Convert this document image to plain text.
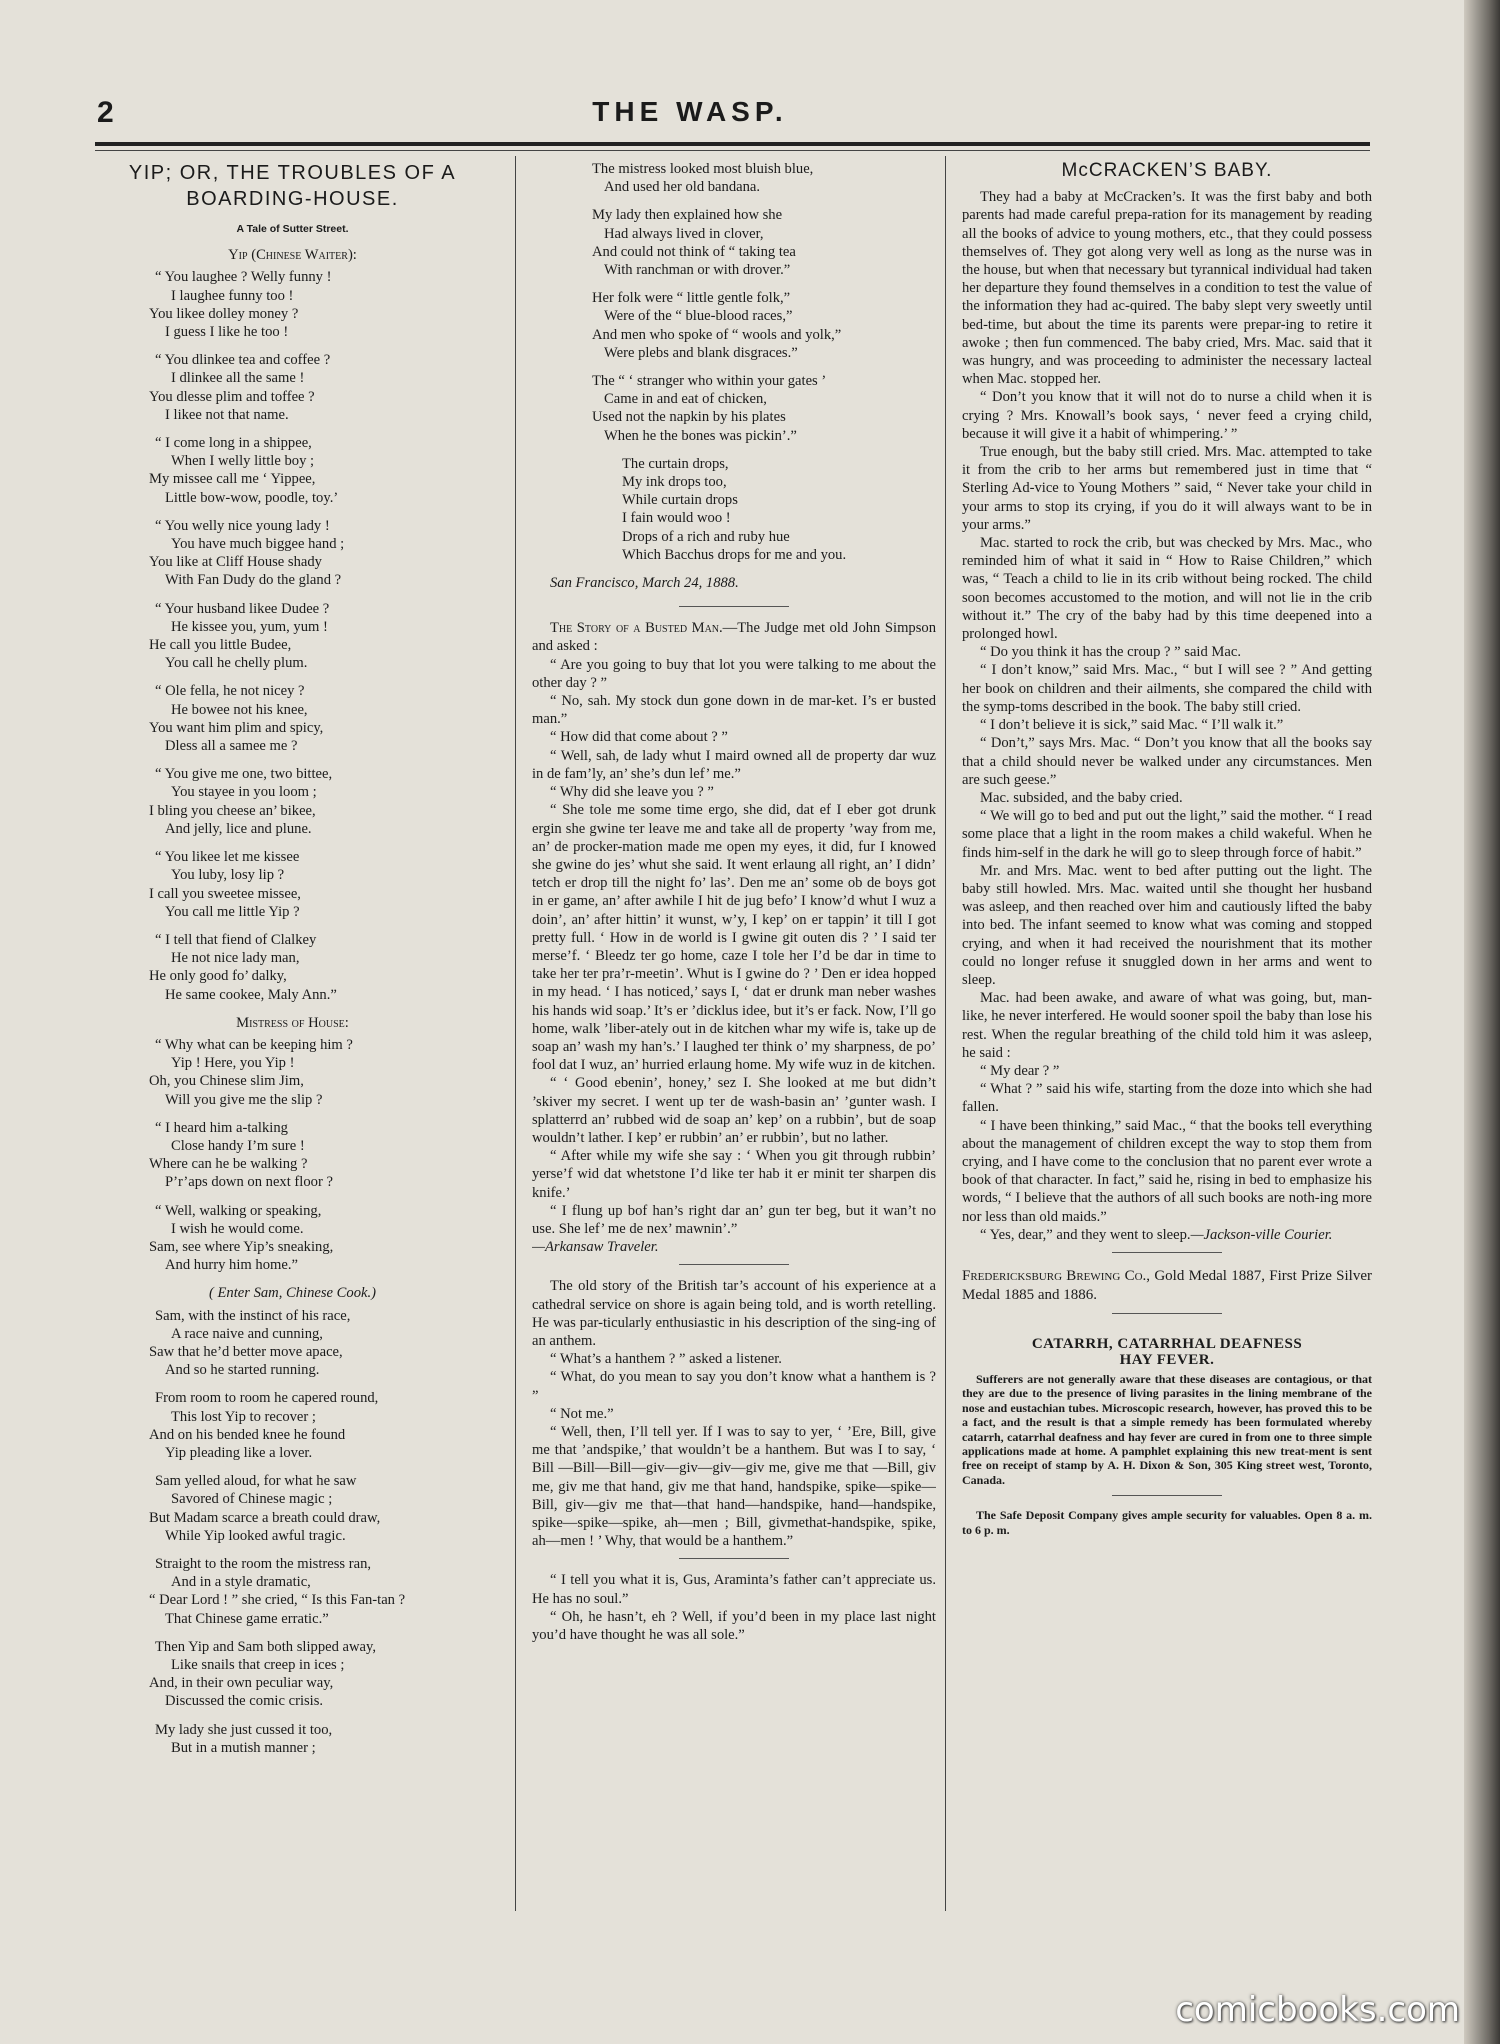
2	THE WASP.
YIP; OR, THE TROUBLES OF A BOARDING-HOUSE.
A Tale of Sutter Street.
Yip (Chinese Waiter):
“ You laughee ? Welly funny !
I laughee funny too !
You likee dolley money ?
I guess I like he too !
“ You dlinkee tea and coffee ?
I dlinkee all the same !
You dlesse plim and toffee ?
I likee not that name.
“ I come long in a shippee,
When I welly little boy ;
My missee call me ‘ Yippee,
Little bow-wow, poodle, toy.’
“ You welly nice young lady !
You have much biggee hand ;
You like at Cliff House shady
With Fan Dudy do the gland ?
“ Your husband likee Dudee ?
He kissee you, yum, yum !
He call you little Budee,
You call he chelly plum.
“ Ole fella, he not nicey ?
He bowee not his knee,
You want him plim and spicy,
Dless all a samee me ?
“ You give me one, two bittee,
You stayee in you loom ;
I bling you cheese an’ bikee,
And jelly, lice and plune.
“ You likee let me kissee
You luby, losy lip ?
I call you sweetee missee,
You call me little Yip ?
“ I tell that fiend of Clalkey
He not nice lady man,
He only good fo’ dalky,
He same cookee, Maly Ann.”
Mistress of House:
“ Why what can be keeping him ?
Yip ! Here, you Yip !
Oh, you Chinese slim Jim,
Will you give me the slip ?
“ I heard him a-talking
Close handy I’m sure !
Where can he be walking ?
P’r’aps down on next floor ?
“ Well, walking or speaking,
I wish he would come.
Sam, see where Yip’s sneaking,
And hurry him home.”
( Enter Sam, Chinese Cook.)
Sam, with the instinct of his race,
A race naive and cunning,
Saw that he’d better move apace,
And so he started running.
From room to room he capered round,
This lost Yip to recover ;
And on his bended knee he found
Yip pleading like a lover.
Sam yelled aloud, for what he saw
Savored of Chinese magic ;
But Madam scarce a breath could draw,
While Yip looked awful tragic.
Straight to the room the mistress ran,
And in a style dramatic,
“ Dear Lord ! ” she cried, “ Is this Fan-tan ?
That Chinese game erratic.”
Then Yip and Sam both slipped away,
Like snails that creep in ices ;
And, in their own peculiar way,
Discussed the comic crisis.
My lady she just cussed it too,
But in a mutish manner ;
The mistress looked most bluish blue,
And used her old bandana.
My lady then explained how she
Had always lived in clover,
And could not think of “ taking tea
With ranchman or with drover.”
Her folk were “ little gentle folk,”
Were of the “ blue-blood races,”
And men who spoke of “ wools and yolk,”
Were plebs and blank disgraces.”
The “ ‘ stranger who within your gates ’
Came in and eat of chicken,
Used not the napkin by his plates
When he the bones was pickin’.”
The curtain drops,
My ink drops too,
While curtain drops
I fain would woo !
Drops of a rich and ruby hue
Which Bacchus drops for me and you.
San Francisco, March 24, 1888.

The Story of a Busted Man.—The Judge met old John Simpson and asked :

“ Are you going to buy that lot you were talking to me about the other day ? ”

“ No, sah. My stock dun gone down in de mar-ket. I’s er busted man.”

“ How did that come about ? ”

“ Well, sah, de lady whut I maird owned all de property dar wuz in de fam’ly, an’ she’s dun lef’ me.”

“ Why did she leave you ? ”

“ She tole me some time ergo, she did, dat ef I eber got drunk ergin she gwine ter leave me and take all de property ’way from me, an’ de procker-mation made me open my eyes, it did, fur I knowed she gwine do jes’ whut she said. It went erlaung all right, an’ I didn’ tetch er drop till the night fo’ las’. Den me an’ some ob de boys got in er game, an’ after awhile I hit de jug befo’ I know’d whut I wuz a doin’, an’ after hittin’ it wunst, w’y, I kep’ on er tappin’ it till I got pretty full. ‘ How in de world is I gwine git outen dis ? ’ I said ter merse’f. ‘ Bleedz ter go home, caze I tole her I’d be dar in time to take her ter pra’r-meetin’. Whut is I gwine do ? ’ Den er idea hopped in my head. ‘ I has noticed,’ says I, ‘ dat er drunk man neber washes his hands wid soap.’ It’s er ’dicklus idee, but it’s er fack. Now, I’ll go home, walk ’liber-ately out in de kitchen whar my wife is, take up de soap an’ wash my han’s.’ I laughed ter think o’ my sharpness, de po’ fool dat I wuz, an’ hurried erlaung home. My wife wuz in de kitchen.

“ ‘ Good ebenin’, honey,’ sez I. She looked at me but didn’t ’skiver my secret. I went up ter de wash-basin an’ ’gunter wash. I splatterrd an’ rubbed wid de soap an’ kep’ on a rubbin’, but de soap wouldn’t lather. I kep’ er rubbin’ an’ er rubbin’, but no lather.

“ After while my wife she say : ‘ When you git through rubbin’ yerse’f wid dat whetstone I’d like ter hab it er minit ter sharpen dis knife.’

“ I flung up bof han’s right dar an’ gun ter beg, but it wan’t no use. She lef’ me de nex’ mawnin’.”

—Arkansaw Traveler.

The old story of the British tar’s account of his experience at a cathedral service on shore is again being told, and is worth retelling. He was par-ticularly enthusiastic in his description of the sing-ing of an anthem.

“ What’s a hanthem ? ” asked a listener.

“ What, do you mean to say you don’t know what a hanthem is ? ”

“ Not me.”

“ Well, then, I’ll tell yer. If I was to say to yer, ‘ ’Ere, Bill, give me that ’andspike,’ that wouldn’t be a hanthem. But was I to say, ‘ Bill —Bill—Bill—giv—giv—giv—giv me, give me that —Bill, giv me, giv me that hand, giv me that hand, handspike, spike—spike—Bill, giv—giv me that—that hand—handspike, hand—handspike, spike—spike—spike, ah—men ; Bill, givmethat-handspike, spike, ah—men ! ’ Why, that would be a hanthem.”

“ I tell you what it is, Gus, Araminta’s father can’t appreciate us. He has no soul.”

“ Oh, he hasn’t, eh ? Well, if you’d been in my place last night you’d have thought he was all sole.”

McCRACKEN’S BABY.

They had a baby at McCracken’s. It was the first baby and both parents had made careful prepa-ration for its management by reading all the books of advice to young mothers, etc., that they could possess themselves of. They got along very well as long as the nurse was in the house, but when that necessary but tyrannical individual had taken her departure they found themselves in a condition to test the value of the information they had ac-quired. The baby slept very sweetly until bed-time, but about the time its parents were prepar-ing to retire it awoke ; then fun commenced. The baby cried, Mrs. Mac. said that it was hungry, and was proceeding to administer the necessary lacteal when Mac. stopped her.

“ Don’t you know that it will not do to nurse a child when it is crying ? Mrs. Knowall’s book says, ‘ never feed a crying child, because it will give it a habit of whimpering.’ ”

True enough, but the baby still cried. Mrs. Mac. attempted to take it from the crib to her arms but remembered just in time that “ Sterling Ad-vice to Young Mothers ” said, “ Never take your child in your arms to stop its crying, if you do it will always want to be in your arms.”

Mac. started to rock the crib, but was checked by Mrs. Mac., who reminded him of what it said in “ How to Raise Children,” which was, “ Teach a child to lie in its crib without being rocked. The child soon becomes accustomed to the motion, and will not lie in the crib without it.” The cry of the baby had by this time deepened into a prolonged howl.

“ Do you think it has the croup ? ” said Mac.

“ I don’t know,” said Mrs. Mac., “ but I will see ? ” And getting her book on children and their ailments, she compared the child with the symp-toms described in the book. The baby still cried.

“ I don’t believe it is sick,” said Mac. “ I’ll walk it.”

“ Don’t,” says Mrs. Mac. “ Don’t you know that all the books say that a child should never be walked under any circumstances. Men are such geese.”

Mac. subsided, and the baby cried.

“ We will go to bed and put out the light,” said the mother. “ I read some place that a light in the room makes a child wakeful. When he finds him-self in the dark he will go to sleep through force of habit.”

Mr. and Mrs. Mac. went to bed after putting out the light. The baby still howled. Mrs. Mac. waited until she thought her husband was asleep, and then reached over him and cautiously lifted the baby into bed. The infant seemed to know what was coming and stopped crying, and when it had received the nourishment that its mother could no longer refuse it snuggled down in her arms and went to sleep.

Mac. had been awake, and aware of what was going, but, man-like, he never interfered. He would sooner spoil the baby than lose his rest. When the regular breathing of the child told him it was asleep, he said :

“ My dear ? ”

“ What ? ” said his wife, starting from the doze into which she had fallen.

“ I have been thinking,” said Mac., “ that the books tell everything about the management of children except the way to stop them from crying, and I have come to the conclusion that no parent ever wrote a book of that character. In fact,” said he, rising in bed to emphasize his words, “ I believe that the authors of all such books are noth-ing more nor less than old maids.”

“ Yes, dear,” and they went to sleep.—Jackson-ville Courier.

Fredericksburg Brewing Co., Gold Medal 1887, First Prize Silver Medal 1885 and 1886.

CATARRH, CATARRHAL DEAFNESS
HAY FEVER.

Sufferers are not generally aware that these diseases are contagious, or that they are due to the presence of living parasites in the lining membrane of the nose and eustachian tubes. Microscopic research, however, has proved this to be a fact, and the result is that a simple remedy has been formulated whereby catarrh, catarrhal deafness and hay fever are cured in from one to three simple applications made at home. A pamphlet explaining this new treat-ment is sent free on receipt of stamp by A. H. Dixon & Son, 305 King street west, Toronto, Canada.

The Safe Deposit Company gives ample security for valuables. Open 8 a. m. to 6 p. m.

comicbooks.com
